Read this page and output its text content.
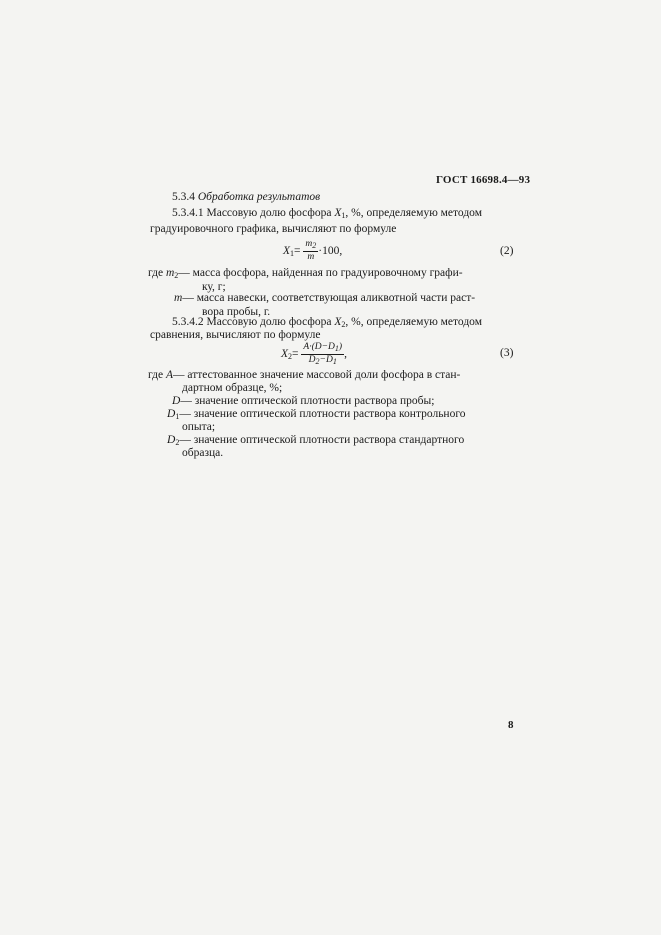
ГОСТ 16698.4—93
5.3.4 Обработка результатов
5.3.4.1 Массовую долю фосфора $X_1$, %, определяемую методом
градуировочного графика, вычисляют по формуле
$X_1= \frac{m_2}{m} \cdot 100$,	(2)
где $m_2—$ масса фосфора, найденная по градуировочному графи-
ку, г;
m— масса навески, соответствующая аликвотной части раст-
вора пробы, г.
5.3.4.2 Массовую долю фосфора $X_2$, %, определяемую методом
сравнения, вычисляют по формуле
$X_2= \frac{A\cdot(D-D_1)}{D_2-D_1}$ ,	(3)
где A— аттестованное значение массовой доли фосфора в стан-
дартном образце, %;
D— значение оптической плотности раствора пробы;
$D_1—$ значение оптической плотности раствора контрольного
опыта;
$D_2—$ значение оптической плотности раствора стандартного
образца.
8
